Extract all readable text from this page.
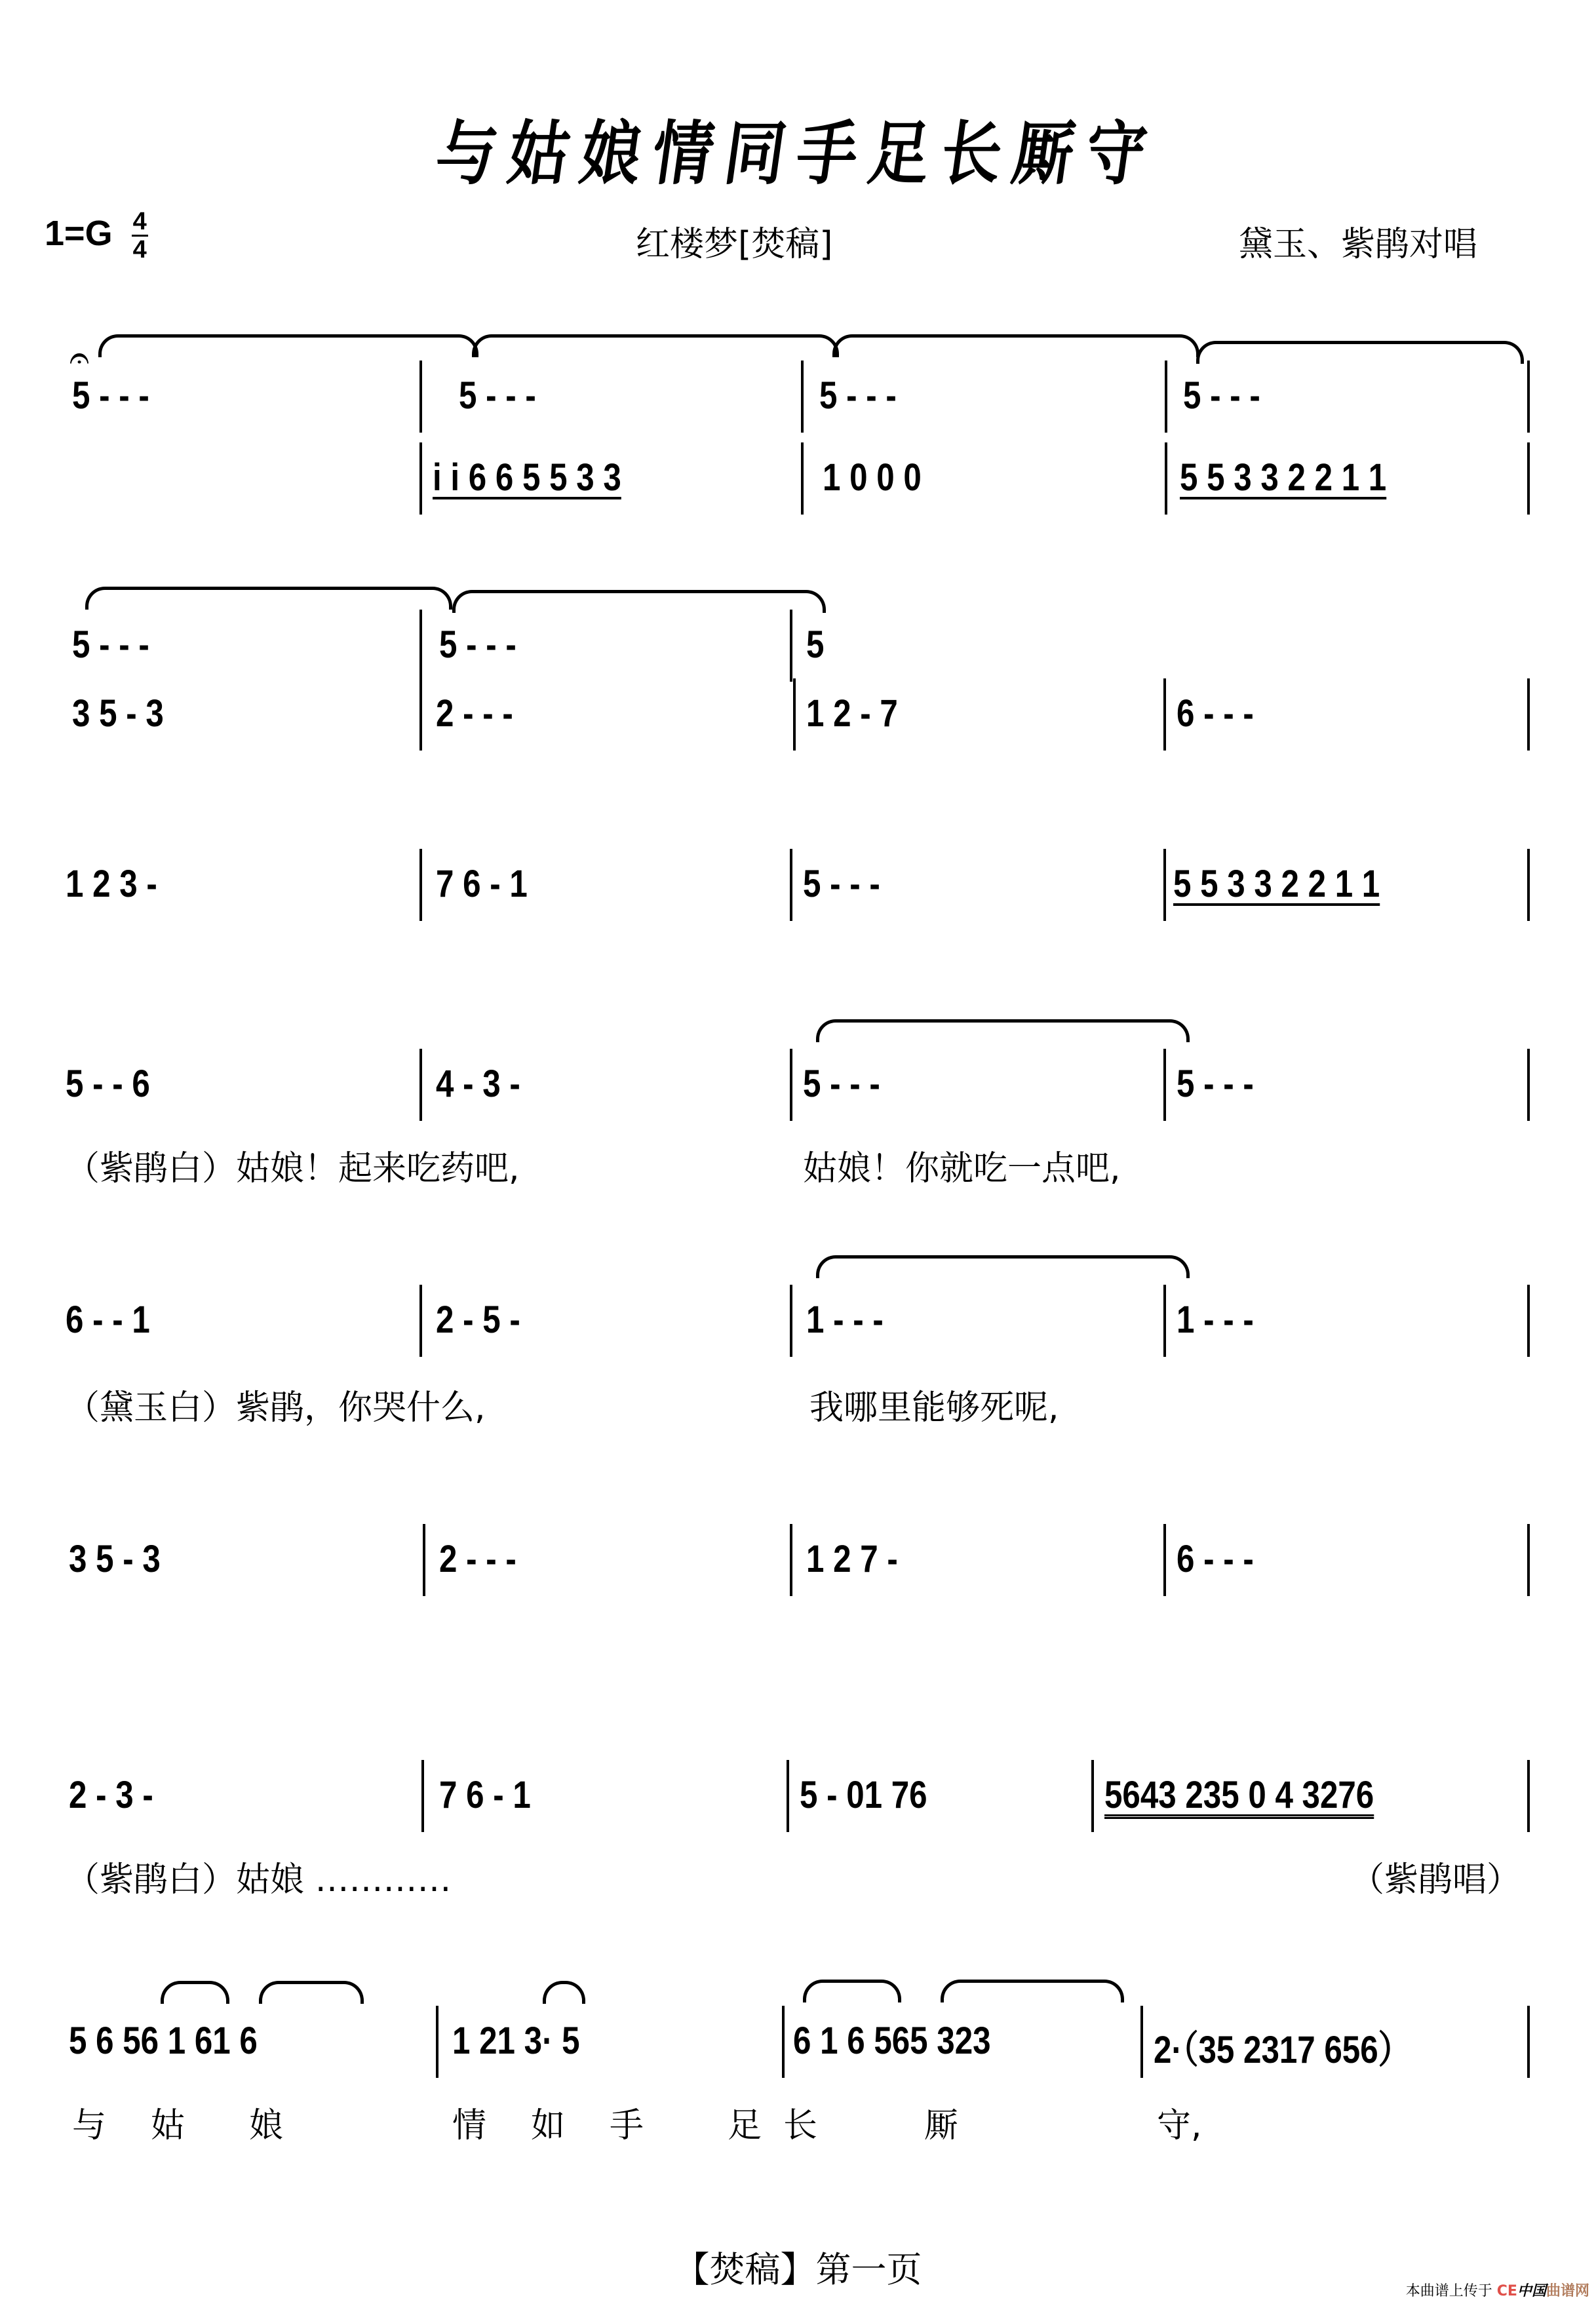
与姑娘情同手足长厮守
$1=G \frac{4}{4}$	红楼梦[焚稿]	黛玉、紫鹃对唱
𝄐
5 - - -	5 - - -	5 - - -	5 - - -
i i 6 6 5 5 3 3	1 0 0 0	5 5 3 3 2 2 1 1
5 - - -	5 - - -	5
3 5 - 3	2 - - -	1 2 - 7	6 - - -
1 2 3 -	7 6 - 1	5 - - -	5 5 3 3 2 2 1 1
5 - - 6	4 - 3 -	5 - - -	5 - - -
（紫鹃白）姑娘！起来吃药吧,	姑娘！你就吃一点吧,
6 - - 1	2 - 5 -	1 - - -	1 - - -
（黛玉白）紫鹃，你哭什么,	我哪里能够死呢,
3 5 - 3	2 - - -	1 2 7 -	6 - - -
2 - 3 -	7 6 - 1	5 - 01 76	5643 235 0 4 3276
（紫鹃白）姑娘 …………	（紫鹃唱）
5 6 56 1 61 6	1 21 3· 5	6 1 6 565 323	2·（35 2317 656）
与 姑 娘	情 如 手 足 长	厮	守,
【焚稿】第一页
本曲谱上传于 CE中国曲谱网
